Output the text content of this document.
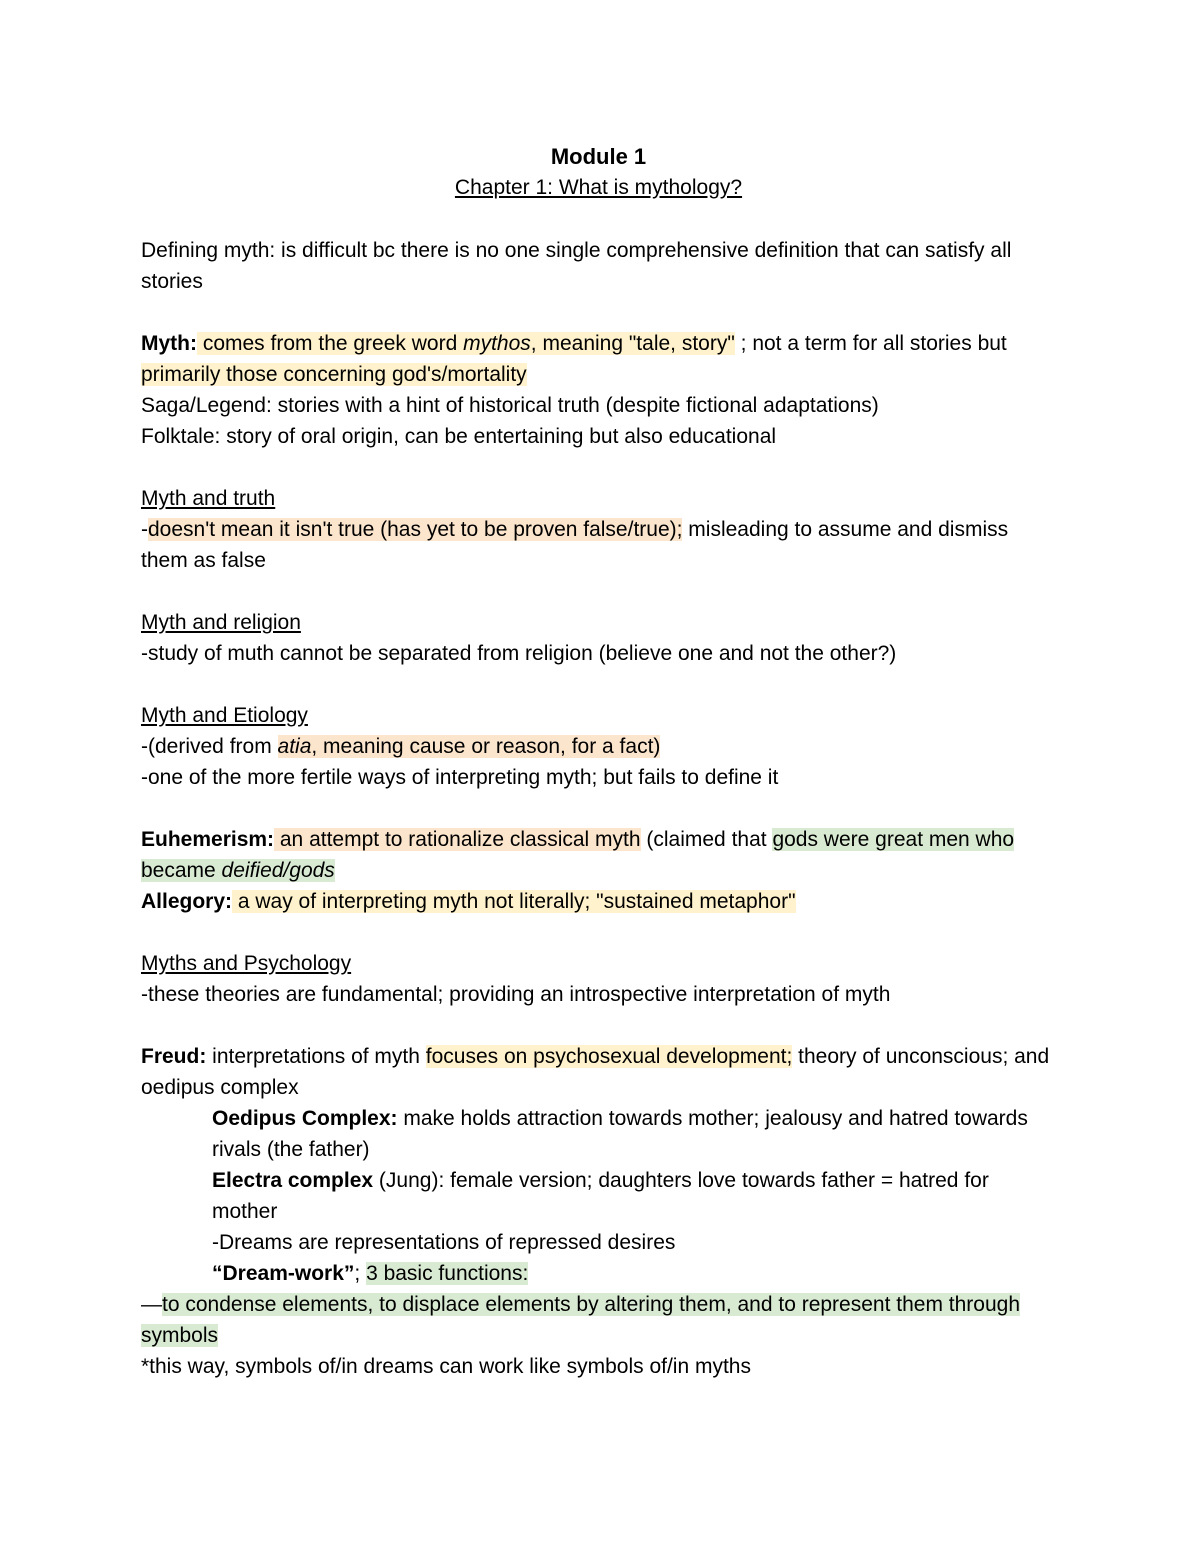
Module 1
Chapter 1: What is mythology?
Defining myth: is difficult bc there is no one single comprehensive definition that can satisfy all stories
Myth: comes from the greek word mythos, meaning "tale, story" ; not a term for all stories but primarily those concerning god's/mortality
Saga/Legend: stories with a hint of historical truth (despite fictional adaptations)
Folktale: story of oral origin, can be entertaining but also educational
Myth and truth
-doesn't mean it isn't true (has yet to be proven false/true); misleading to assume and dismiss them as false
Myth and religion
-study of muth cannot be separated from religion (believe one and not the other?)
Myth and Etiology
-(derived from atia, meaning cause or reason, for a fact)
-one of the more fertile ways of interpreting myth; but fails to define it
Euhemerism: an attempt to rationalize classical myth (claimed that gods were great men who became deified/gods
Allegory: a way of interpreting myth not literally; "sustained metaphor"
Myths and Psychology
-these theories are fundamental; providing an introspective interpretation of myth
Freud: interpretations of myth focuses on psychosexual development; theory of unconscious; and oedipus complex
Oedipus Complex: make holds attraction towards mother; jealousy and hatred towards rivals (the father)
Electra complex (Jung): female version; daughters love towards father = hatred for mother
-Dreams are representations of repressed desires
“Dream-work”; 3 basic functions:
—to condense elements, to displace elements by altering them, and to represent them through symbols
*this way, symbols of/in dreams can work like symbols of/in myths
